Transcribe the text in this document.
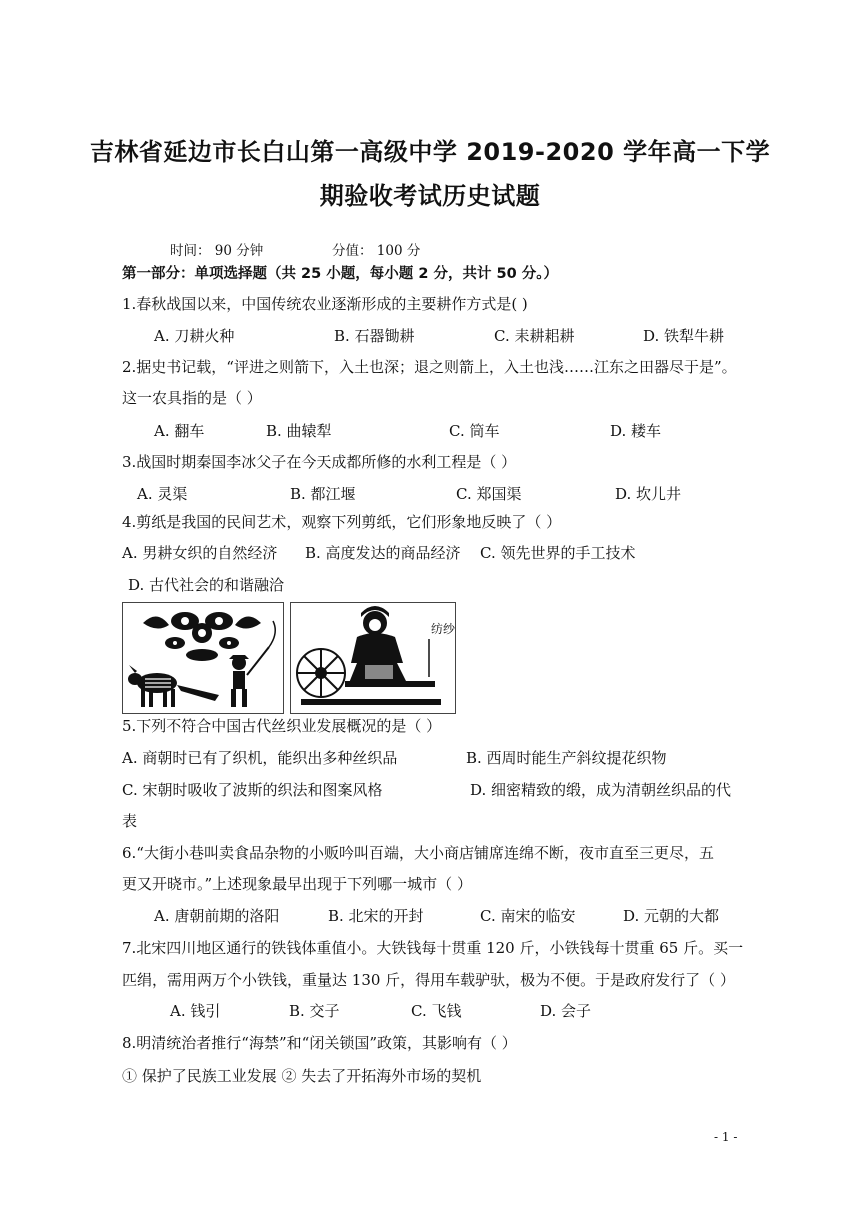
吉林省延边市长白山第一高级中学 2019-2020 学年高一下学
期验收考试历史试题
时间： 90 分钟	分值： 100 分
第一部分：单项选择题（共 25 小题，每小题 2 分，共计 50 分。）
1.春秋战国以来，中国传统农业逐渐形成的主要耕作方式是( )
A. 刀耕火种	B. 石器锄耕	C. 耒耕耜耕	D. 铁犁牛耕
2.据史书记载，“评进之则箭下，入土也深；退之则箭上，入土也浅……江东之田器尽于是”。
这一农具指的是（ ）
A. 翻车	B. 曲辕犁	C. 筒车	D. 耧车
3.战国时期秦国李冰父子在今天成都所修的水利工程是（ ）
A. 灵渠	B. 都江堰	C. 郑国渠	D. 坎儿井
4.剪纸是我国的民间艺术，观察下列剪纸，它们形象地反映了（ ）
A. 男耕女织的自然经济 B. 高度发达的商品经济 C. 领先世界的手工技术
D. 古代社会的和谐融洽
纺纱
5.下列不符合中国古代丝织业发展概况的是（ ）
A. 商朝时已有了织机，能织出多种丝织品	B. 西周时能生产斜纹提花织物
C. 宋朝时吸收了波斯的织法和图案风格	D. 细密精致的缎，成为清朝丝织品的代
表
6.“大街小巷叫卖食品杂物的小贩吟叫百端，大小商店铺席连绵不断，夜市直至三更尽，五
更又开晓市。”上述现象最早出现于下列哪一城市（ ）
A. 唐朝前期的洛阳	B. 北宋的开封	C. 南宋的临安	D. 元朝的大都
7.北宋四川地区通行的铁钱体重值小。大铁钱每十贯重 120 斤，小铁钱每十贯重 65 斤。买一
匹绢，需用两万个小铁钱，重量达 130 斤，得用车载驴驮，极为不便。于是政府发行了（ ）
A. 钱引	B. 交子	C. 飞钱	D. 会子
8.明清统治者推行“海禁”和“闭关锁国”政策，其影响有（ ）
① 保护了民族工业发展 ② 失去了开拓海外市场的契机
- 1 -
